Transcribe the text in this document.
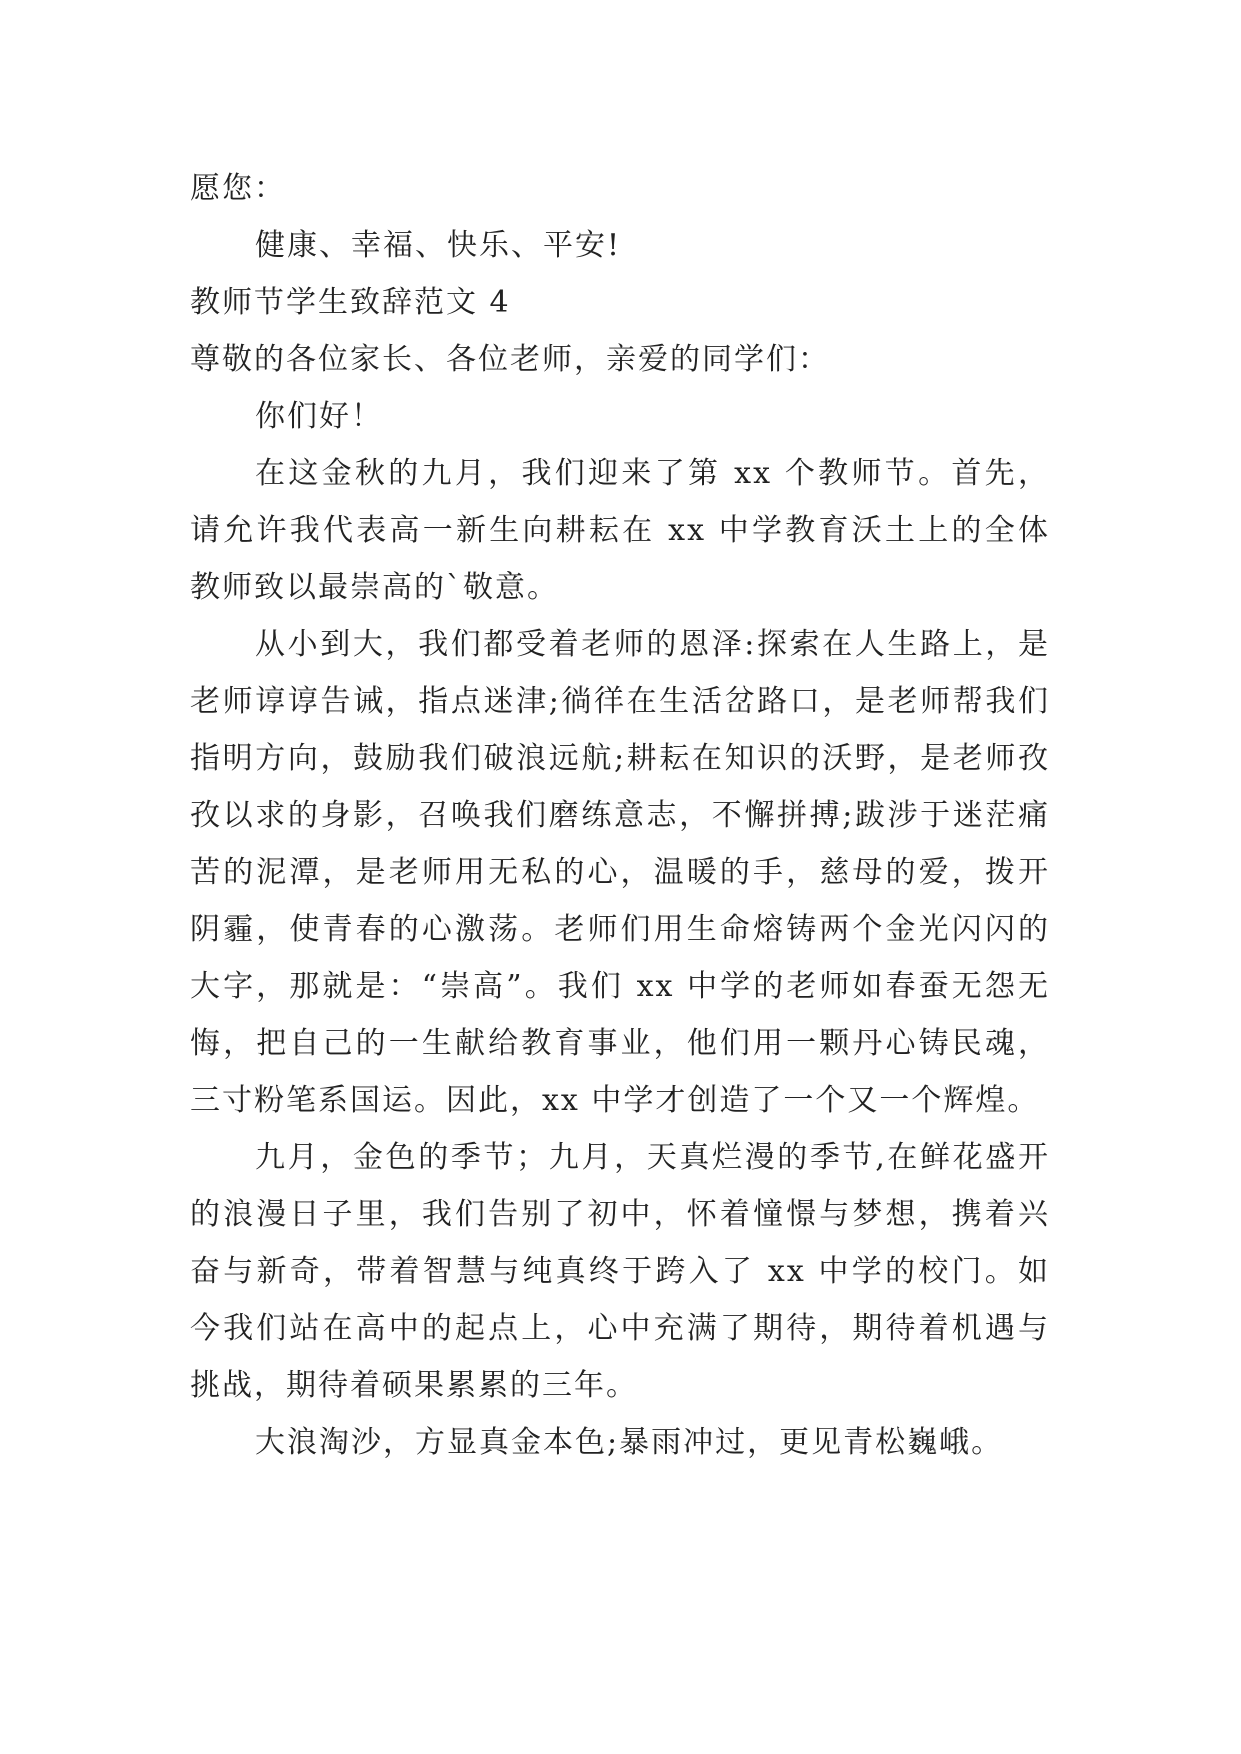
愿您：

健康、幸福、快乐、平安!

教师节学生致辞范文 4

尊敬的各位家长、各位老师，亲爱的同学们：

你们好！

在这金秋的九月，我们迎来了第 xx 个教师节。首先，请允许我代表高一新生向耕耘在 xx 中学教育沃土上的全体教师致以最崇高的`敬意。

从小到大，我们都受着老师的恩泽:探索在人生路上，是老师谆谆告诫，指点迷津;徜徉在生活岔路口，是老师帮我们指明方向，鼓励我们破浪远航;耕耘在知识的沃野，是老师孜孜以求的身影，召唤我们磨练意志，不懈拼搏;跋涉于迷茫痛苦的泥潭，是老师用无私的心，温暖的手，慈母的爱，拨开阴霾，使青春的心激荡。老师们用生命熔铸两个金光闪闪的大字，那就是：“崇高”。我们 xx 中学的老师如春蚕无怨无悔，把自己的一生献给教育事业，他们用一颗丹心铸民魂，三寸粉笔系国运。因此，xx 中学才创造了一个又一个辉煌。

九月，金色的季节；九月，天真烂漫的季节,在鲜花盛开的浪漫日子里，我们告别了初中，怀着憧憬与梦想，携着兴奋与新奇，带着智慧与纯真终于跨入了 xx 中学的校门。如今我们站在高中的起点上，心中充满了期待，期待着机遇与挑战，期待着硕果累累的三年。

大浪淘沙，方显真金本色;暴雨冲过，更见青松巍峨。
